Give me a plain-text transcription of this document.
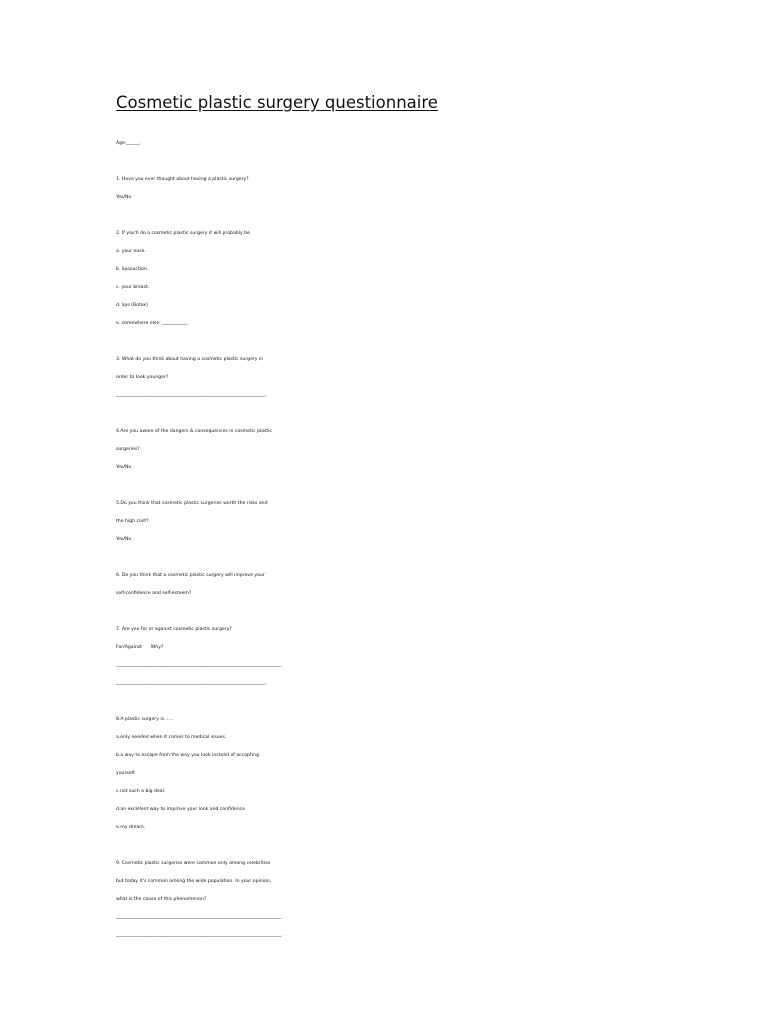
Cosmetic plastic surgery questionnaire

Age:______.

1. Have you ever thought about having a plastic surgery?

Yes/No

2. If you'll do a cosmetic plastic surgery it will probably be

a. your nose.

b. liposuction.

c. your breast.

d. lips (Botox)

e. somewhere else: ___________.

3. What do you think about having a cosmetic plastic surgery in

order to look younger?

_________________________________________________________________.

4.Are you aware of the dangers & consequences in cosmetic plastic

surgeries?

Yes/No

5.Do you think that cosmetic plastic surgeries worth the risks and

the high cost?

Yes/No

6. Do you think that a cosmetic plastic surgery will improve your

self-confidence and self-esteem?

7. Are you for or against cosmetic plastic surgery?

For/Against      Why?

________________________________________________________________________

_________________________________________________________________.

8.A plastic surgery is……

a.only needed when it comes to medical issues.

b.a way to escape from the way you look instead of accepting

yourself.

c.not such a big deal.

d.an excellent way to improve your look and confidence.

e.my dream.

9. Cosmetic plastic surgeries were common only among celebrities

but today it's common among the wide population. In your opinion,

what is the cause of this phenomenon?

________________________________________________________________________

________________________________________________________________________.
